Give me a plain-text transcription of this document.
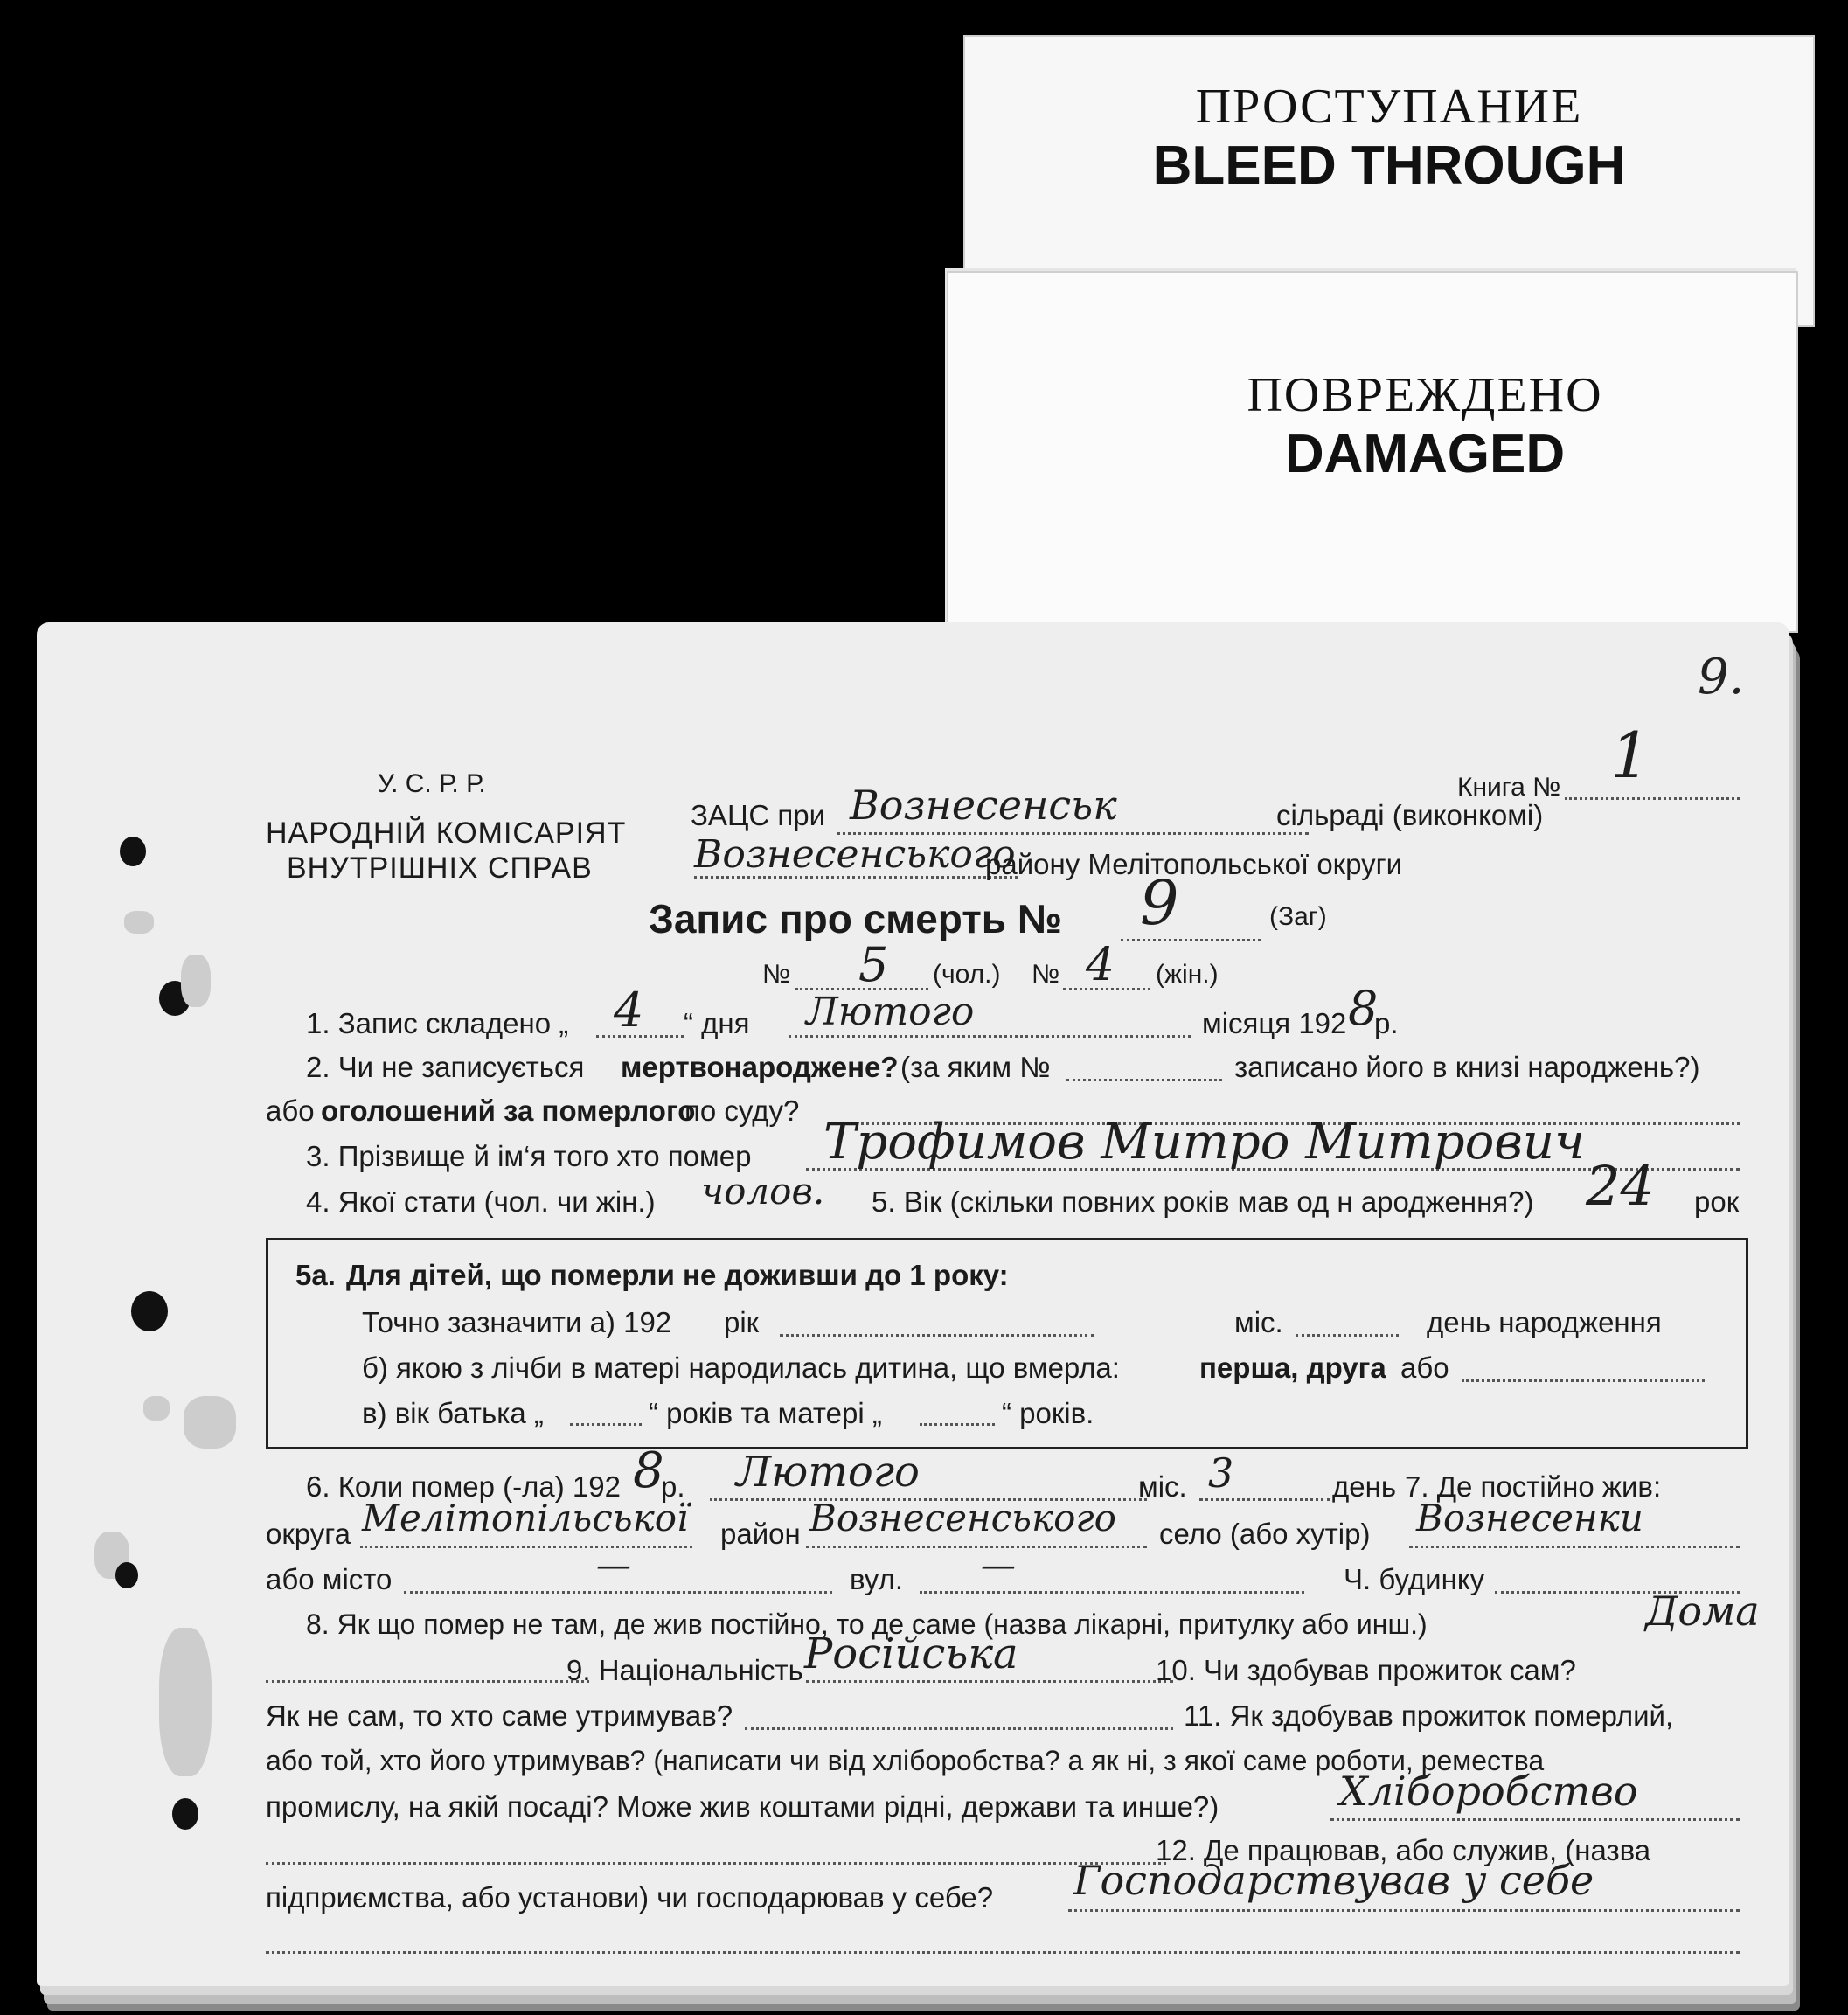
ПРОСТУПАНИЕ
BLEED THROUGH
ПОВРЕЖДЕНО
DAMAGED
9.
У. С. Р. Р.
НАРОДНІЙ КОМІСАРІЯТ
ВНУТРІШНІХ СПРАВ
Книга № 1
ЗАЦС при Вознесенськ	сільраді (виконкомі)
Вознесенського
району Мелітопольської округи
Запис про смерть № 9	(Заг)
№ 5 (чол.) № 4 (жін.)
1. Запис складено „ 4 “ дня Лютого	місяця 192 8
р.
2. Чи не записується мертвонароджене? (за яким №	записано його в книзі народжень?)
або оголошений за померлого
по суду?
3. Прізвище й ім‘я того хто помер Трофимов Митро Митрович
4. Якої стати (чол. чи жін.) чолов. 5. Вік (скільки повних років мав од н ародження?) 24 рок
5а. Для дітей, що померли не доживши до 1 року:
Точно зазначити а) 192 рік	міс.	день народження
б) якою з лічби в матері народилась дитина, що вмерла:	перша, друга або
в) вік батька „	“ років та матері „	“ років.
6. Коли помер (-ла) 192 8
р. Лютого	міс. 3	день 7. Де постійно жив:
округа Мелітопільської район Вознесенського село (або хутір) Вознесенки
або місто	—	вул. —	Ч. будинку
8. Як що помер не там, де жив постійно, то де саме (назва лікарні, притулку або инш.)	Дома
9. Національність Російська	10. Чи здобував прожиток сам?
Як не сам, то хто саме утримував?	11. Як здобував прожиток померлий,
або той, хто його утримував? (написати чи від хліборобства? а як ні, з якої саме роботи, ремества
промислу, на якій посаді? Може жив коштами рідні, держави та инше?)	Хліборобство
12. Де працював, або служив, (назва
підприємства, або установи) чи господарював у себе? Господарствував у себе
